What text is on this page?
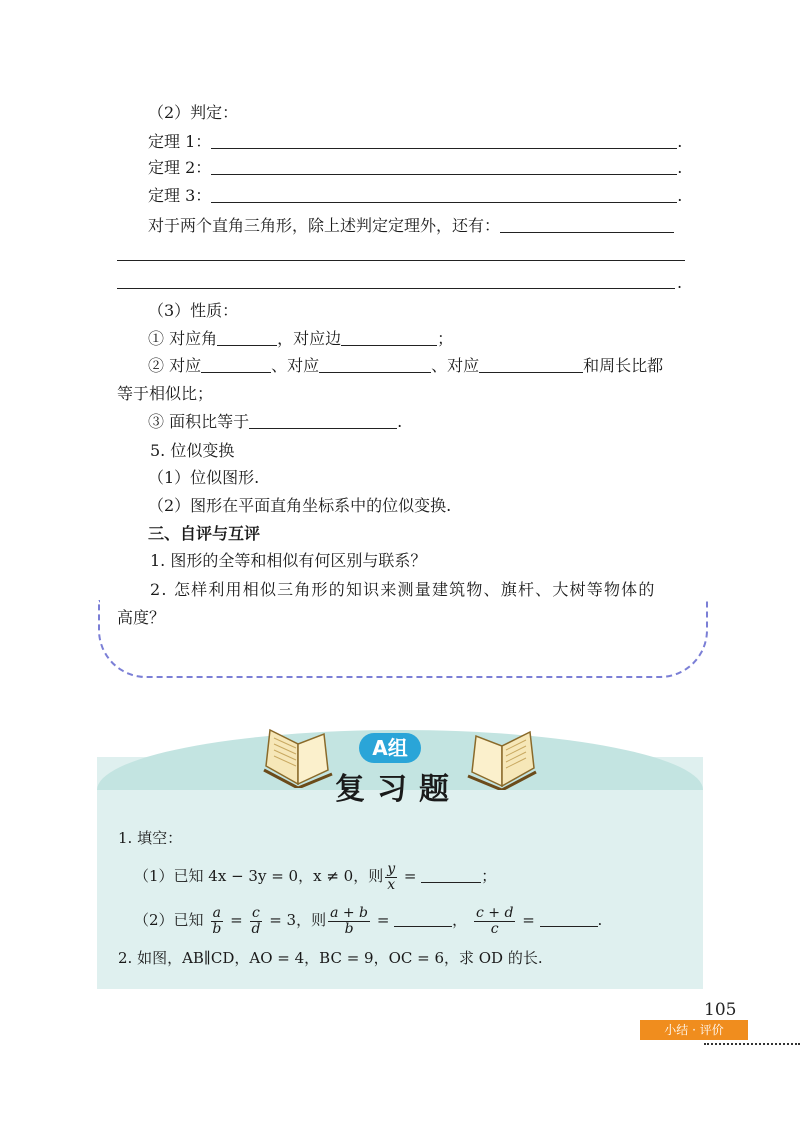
（2）判定：
定理 1：	.
定理 2：	.
定理 3：	.
对于两个直角三角形，除上述判定定理外，还有：
.
（3）性质：
① 对应角	，对应边	；
② 对应	、对应	、对应	和周长比都
等于相似比；
③ 面积比等于	.
5. 位似变换
（1）位似图形.
（2）图形在平面直角坐标系中的位似变换.
三、自评与互评
1. 图形的全等和相似有何区别与联系？
2. 怎样利用相似三角形的知识来测量建筑物、旗杆、大树等物体的
高度？
A组
复习题
1. 填空：
（1）已知 4x − 3y = 0，x ≠ 0，则 $\frac{y}{x}$ =	；
（2）已知 $\frac{a}{b} = \frac{c}{d} = 3$，则 $\frac{a + b}{b}$ =	， $\frac{c + d}{c}$ =	.
2. 如图，AB∥CD，AO = 4，BC = 9，OC = 6，求 OD 的长.
105
小结 · 评价
